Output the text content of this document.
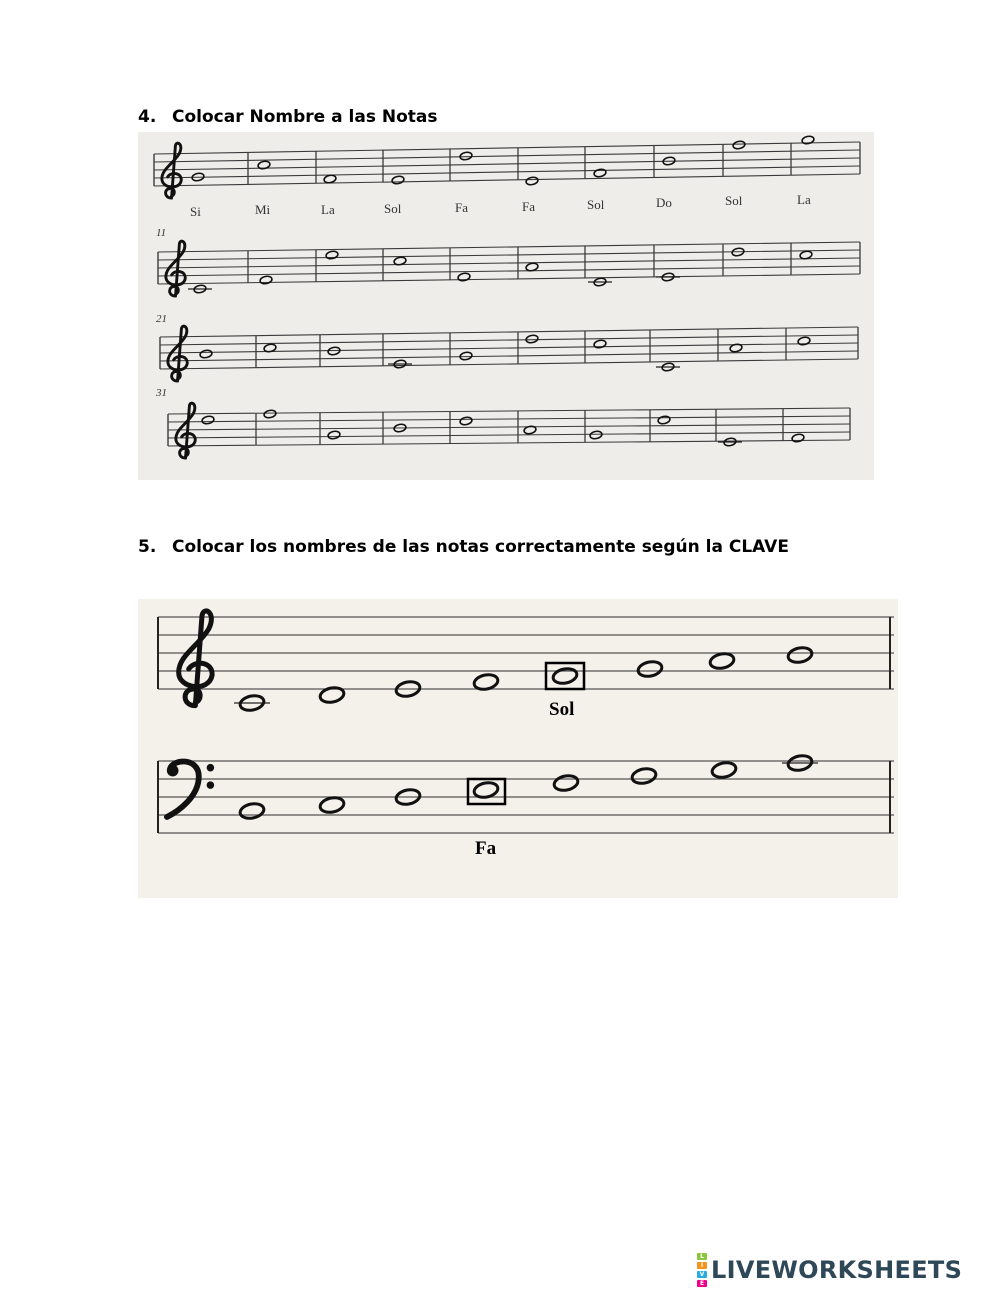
4. Colocar Nombre a las Notas
Si	Mi	La	Sol	Fa	Fa	Sol	Do	Sol	La
11
21
31
5. Colocar los nombres de las notas correctamente según la CLAVE
Sol
Fa
L
I
V
E LIVEWORKSHEETS
